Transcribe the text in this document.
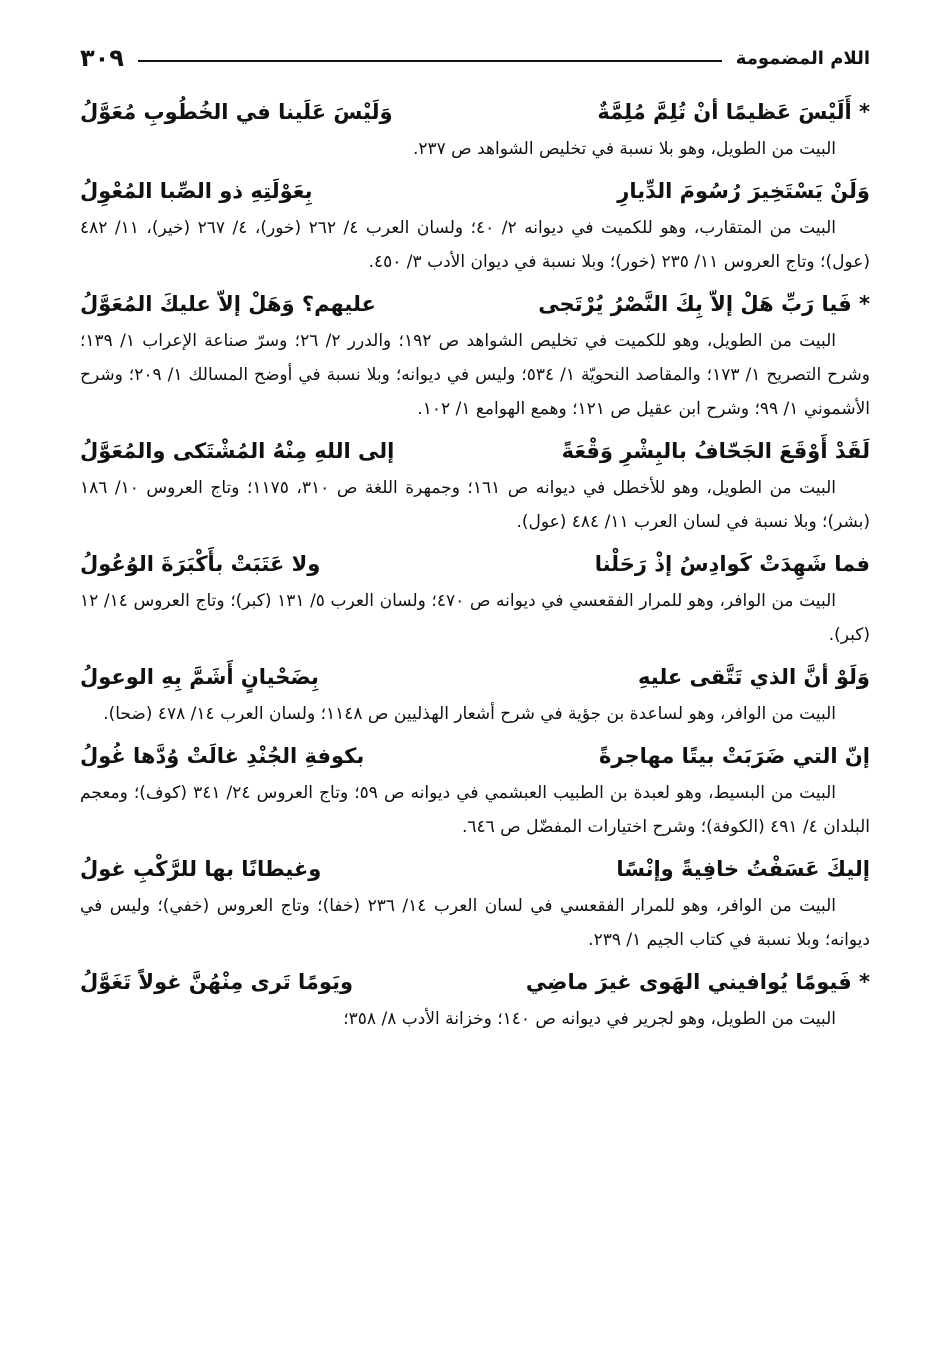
اللام المضمومة
٣٠٩
* أَلَيْسَ عَظيمًا أنْ تُلِمَّ مُلِمَّةٌ
وَلَيْسَ عَلَينا في الخُطُوبِ مُعَوَّلُ

البيت من الطويل، وهو بلا نسبة في تخليص الشواهد ص ٢٣٧.

وَلَنْ يَسْتَخِيرَ رُسُومَ الدِّيارِ
بِعَوْلَتِهِ ذو الصِّبا المُعْوِلُ

البيت من المتقارب، وهو للكميت في ديوانه ٢/ ٤٠؛ ولسان العرب ٤/ ٢٦٢ (خور)، ٤/ ٢٦٧ (خير)، ١١/ ٤٨٢ (عول)؛ وتاج العروس ١١/ ٢٣٥ (خور)؛ وبلا نسبة في ديوان الأدب ٣/ ٤٥٠.

* فَيا رَبِّ هَلْ إلاّ بِكَ النَّصْرُ يُرْتَجى
عليهم؟ وَهَلْ إلاّ عليكَ المُعَوَّلُ

البيت من الطويل، وهو للكميت في تخليص الشواهد ص ١٩٢؛ والدرر ٢/ ٢٦؛ وسرّ صناعة الإعراب ١/ ١٣٩؛ وشرح التصريح ١/ ١٧٣؛ والمقاصد النحويّة ١/ ٥٣٤؛ وليس في ديوانه؛ وبلا نسبة في أوضح المسالك ١/ ٢٠٩؛ وشرح الأشموني ١/ ٩٩؛ وشرح ابن عقيل ص ١٢١؛ وهمع الهوامع ١/ ١٠٢.

لَقَدْ أَوْقَعَ الجَحّافُ بالبِشْرِ وَقْعَةً
إلى اللهِ مِنْهُ المُشْتَكى والمُعَوَّلُ

البيت من الطويل، وهو للأخطل في ديوانه ص ١٦١؛ وجمهرة اللغة ص ٣١٠، ١١٧٥؛ وتاج العروس ١٠/ ١٨٦ (بشر)؛ وبلا نسبة في لسان العرب ١١/ ٤٨٤ (عول).

فما شَهِدَتْ كَوادِسُ إذْ رَحَلْنا
ولا عَتَبَتْ بأَكْبَرَةَ الوُعُولُ

البيت من الوافر، وهو للمرار الفقعسي في ديوانه ص ٤٧٠؛ ولسان العرب ٥/ ١٣١ (كبر)؛ وتاج العروس ١٤/ ١٢ (كبر).

وَلَوْ أنَّ الذي تَتَّقى عليهِ
بِضَحْيانٍ أَشَمَّ بِهِ الوعولُ

البيت من الوافر، وهو لساعدة بن جؤية في شرح أشعار الهذليين ص ١١٤٨؛ ولسان العرب ١٤/ ٤٧٨ (ضحا).

إنّ التي ضَرَبَتْ بيتًا مهاجرةً
بكوفةِ الجُنْدِ غالَتْ وُدَّها غُولُ

البيت من البسيط، وهو لعبدة بن الطبيب العبشمي في ديوانه ص ٥٩؛ وتاج العروس ٢٤/ ٣٤١ (كوف)؛ ومعجم البلدان ٤/ ٤٩١ (الكوفة)؛ وشرح اختيارات المفضّل ص ٦٤٦.

إليكَ عَسَفْتُ خافِيةً وإنْسًا
وغيطانًا بها للرَّكْبِ غولُ

البيت من الوافر، وهو للمرار الفقعسي في لسان العرب ١٤/ ٢٣٦ (خفا)؛ وتاج العروس (خفي)؛ وليس في ديوانه؛ وبلا نسبة في كتاب الجيم ١/ ٢٣٩.

* فَيومًا يُوافيني الهَوى غيرَ ماضِي
ويَومًا تَرى مِنْهُنَّ غولاً تَغَوَّلُ

البيت من الطويل، وهو لجرير في ديوانه ص ١٤٠؛ وخزانة الأدب ٨/ ٣٥٨؛
